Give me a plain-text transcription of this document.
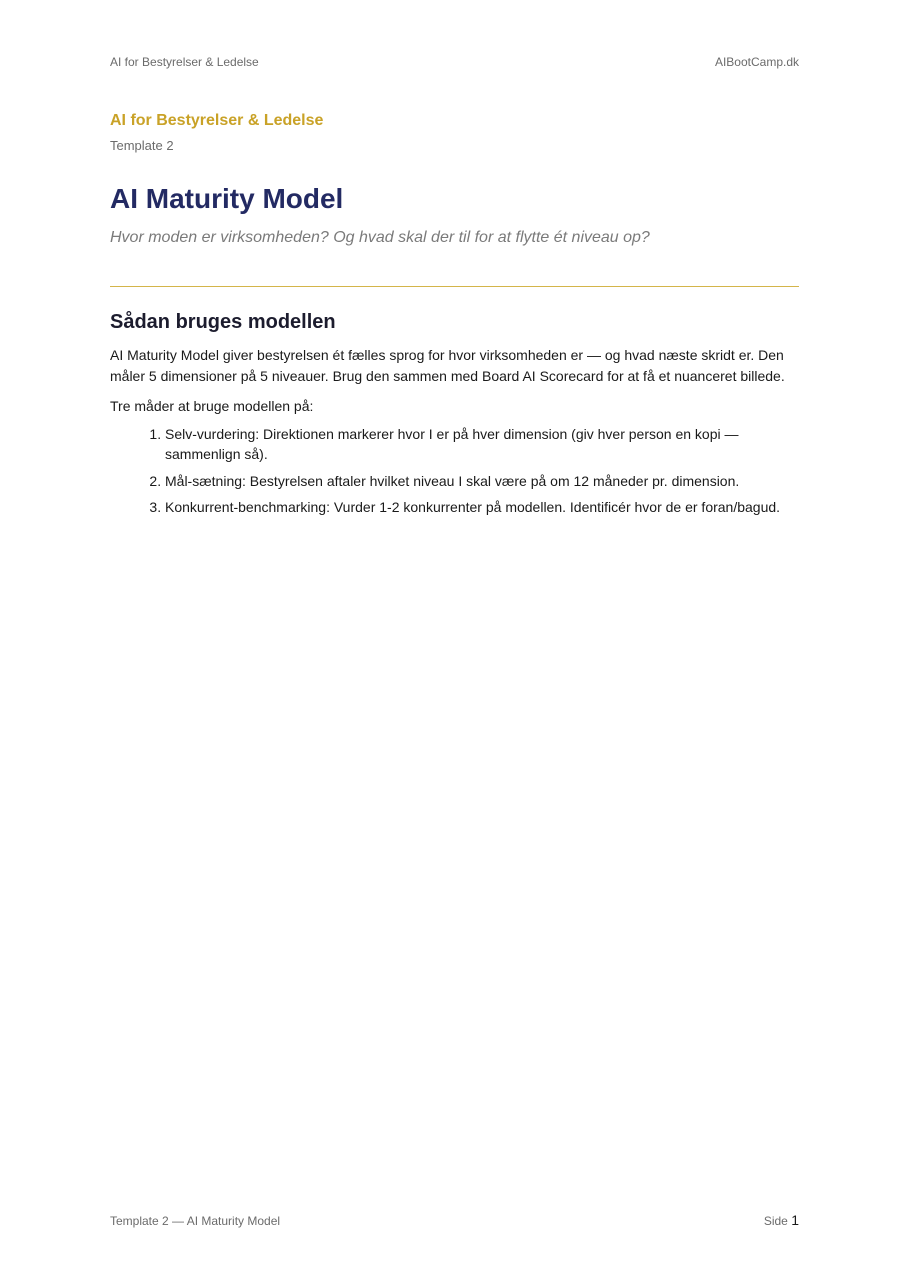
AI for Bestyrelser & Ledelse	AIBootCamp.dk

AI for Bestyrelser & Ledelse

Template 2

AI Maturity Model

Hvor moden er virksomheden? Og hvad skal der til for at flytte ét niveau op?

Sådan bruges modellen

AI Maturity Model giver bestyrelsen ét fælles sprog for hvor virksomheden er — og hvad næste skridt er. Den måler 5 dimensioner på 5 niveauer. Brug den sammen med Board AI Scorecard for at få et nuanceret billede.

Tre måder at bruge modellen på:

1. Selv-vurdering: Direktionen markerer hvor I er på hver dimension (giv hver person en kopi — sammenlign så).
2. Mål-sætning: Bestyrelsen aftaler hvilket niveau I skal være på om 12 måneder pr. dimension.
3. Konkurrent-benchmarking: Vurder 1-2 konkurrenter på modellen. Identificér hvor de er foran/bagud.
Template 2 — AI Maturity Model	Side 1
